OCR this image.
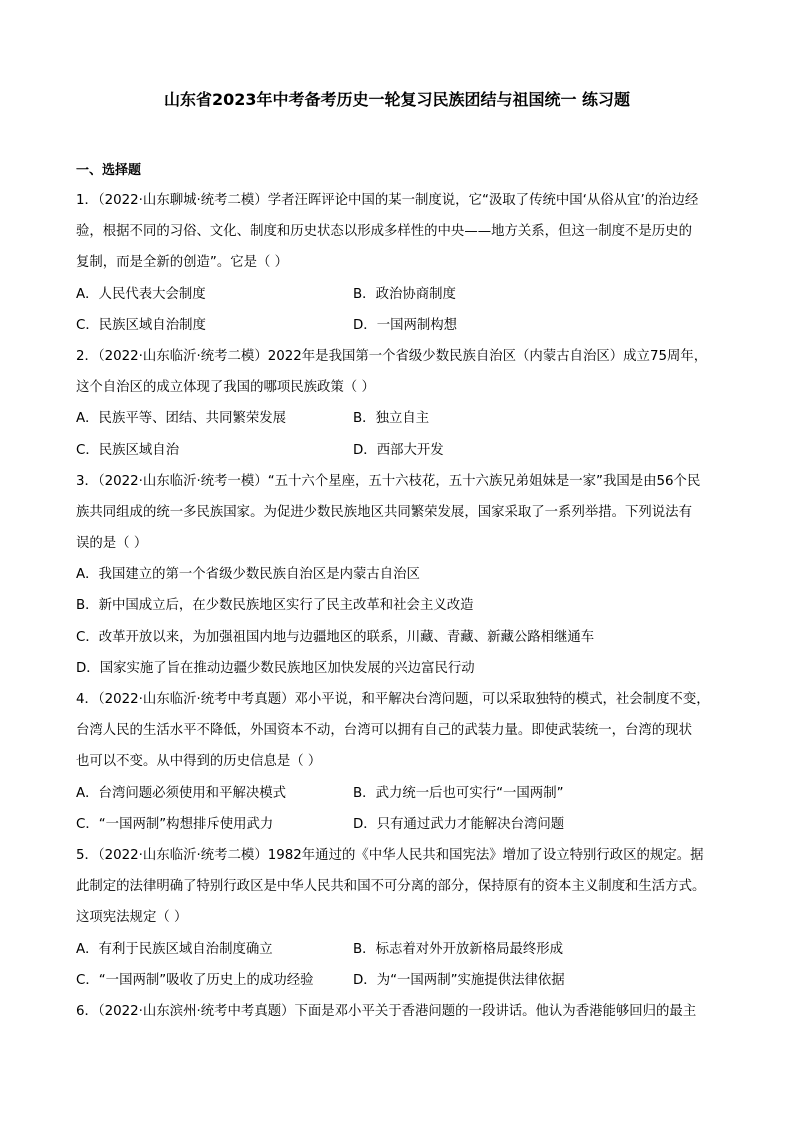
山东省2023年中考备考历史一轮复习民族团结与祖国统一 练习题
一、选择题
1．（2022·山东聊城·统考二模）学者汪晖评论中国的某一制度说，它“汲取了传统中国‘从俗从宜’的治边经
验，根据不同的习俗、文化、制度和历史状态以形成多样性的中央——地方关系，但这一制度不是历史的
复制，而是全新的创造”。它是（ ）
A．人民代表大会制度	B．政治协商制度
C．民族区域自治制度	D．一国两制构想
2．（2022·山东临沂·统考二模）2022年是我国第一个省级少数民族自治区（内蒙古自治区）成立75周年，
这个自治区的成立体现了我国的哪项民族政策（ ）
A．民族平等、团结、共同繁荣发展	B．独立自主
C．民族区域自治	D．西部大开发
3．（2022·山东临沂·统考一模）“五十六个星座，五十六枝花，五十六族兄弟姐妹是一家”我国是由56个民
族共同组成的统一多民族国家。为促进少数民族地区共同繁荣发展，国家采取了一系列举措。下列说法有
误的是（ ）
A．我国建立的第一个省级少数民族自治区是内蒙古自治区
B．新中国成立后，在少数民族地区实行了民主改革和社会主义改造
C．改革开放以来，为加强祖国内地与边疆地区的联系，川藏、青藏、新藏公路相继通车
D．国家实施了旨在推动边疆少数民族地区加快发展的兴边富民行动
4．（2022·山东临沂·统考中考真题）邓小平说，和平解决台湾问题，可以采取独特的模式，社会制度不变，
台湾人民的生活水平不降低，外国资本不动，台湾可以拥有自己的武装力量。即使武装统一，台湾的现状
也可以不变。从中得到的历史信息是（ ）
A．台湾问题必须使用和平解决模式	B．武力统一后也可实行“一国两制”
C．“一国两制”构想排斥使用武力	D．只有通过武力才能解决台湾问题
5．（2022·山东临沂·统考二模）1982年通过的《中华人民共和国宪法》增加了设立特别行政区的规定。据
此制定的法律明确了特别行政区是中华人民共和国不可分离的部分，保持原有的资本主义制度和生活方式。
这项宪法规定（ ）
A．有利于民族区域自治制度确立	B．标志着对外开放新格局最终形成
C．“一国两制”吸收了历史上的成功经验	D．为“一国两制”实施提供法律依据
6．（2022·山东滨州·统考中考真题）下面是邓小平关于香港问题的一段讲话。他认为香港能够回归的最主
